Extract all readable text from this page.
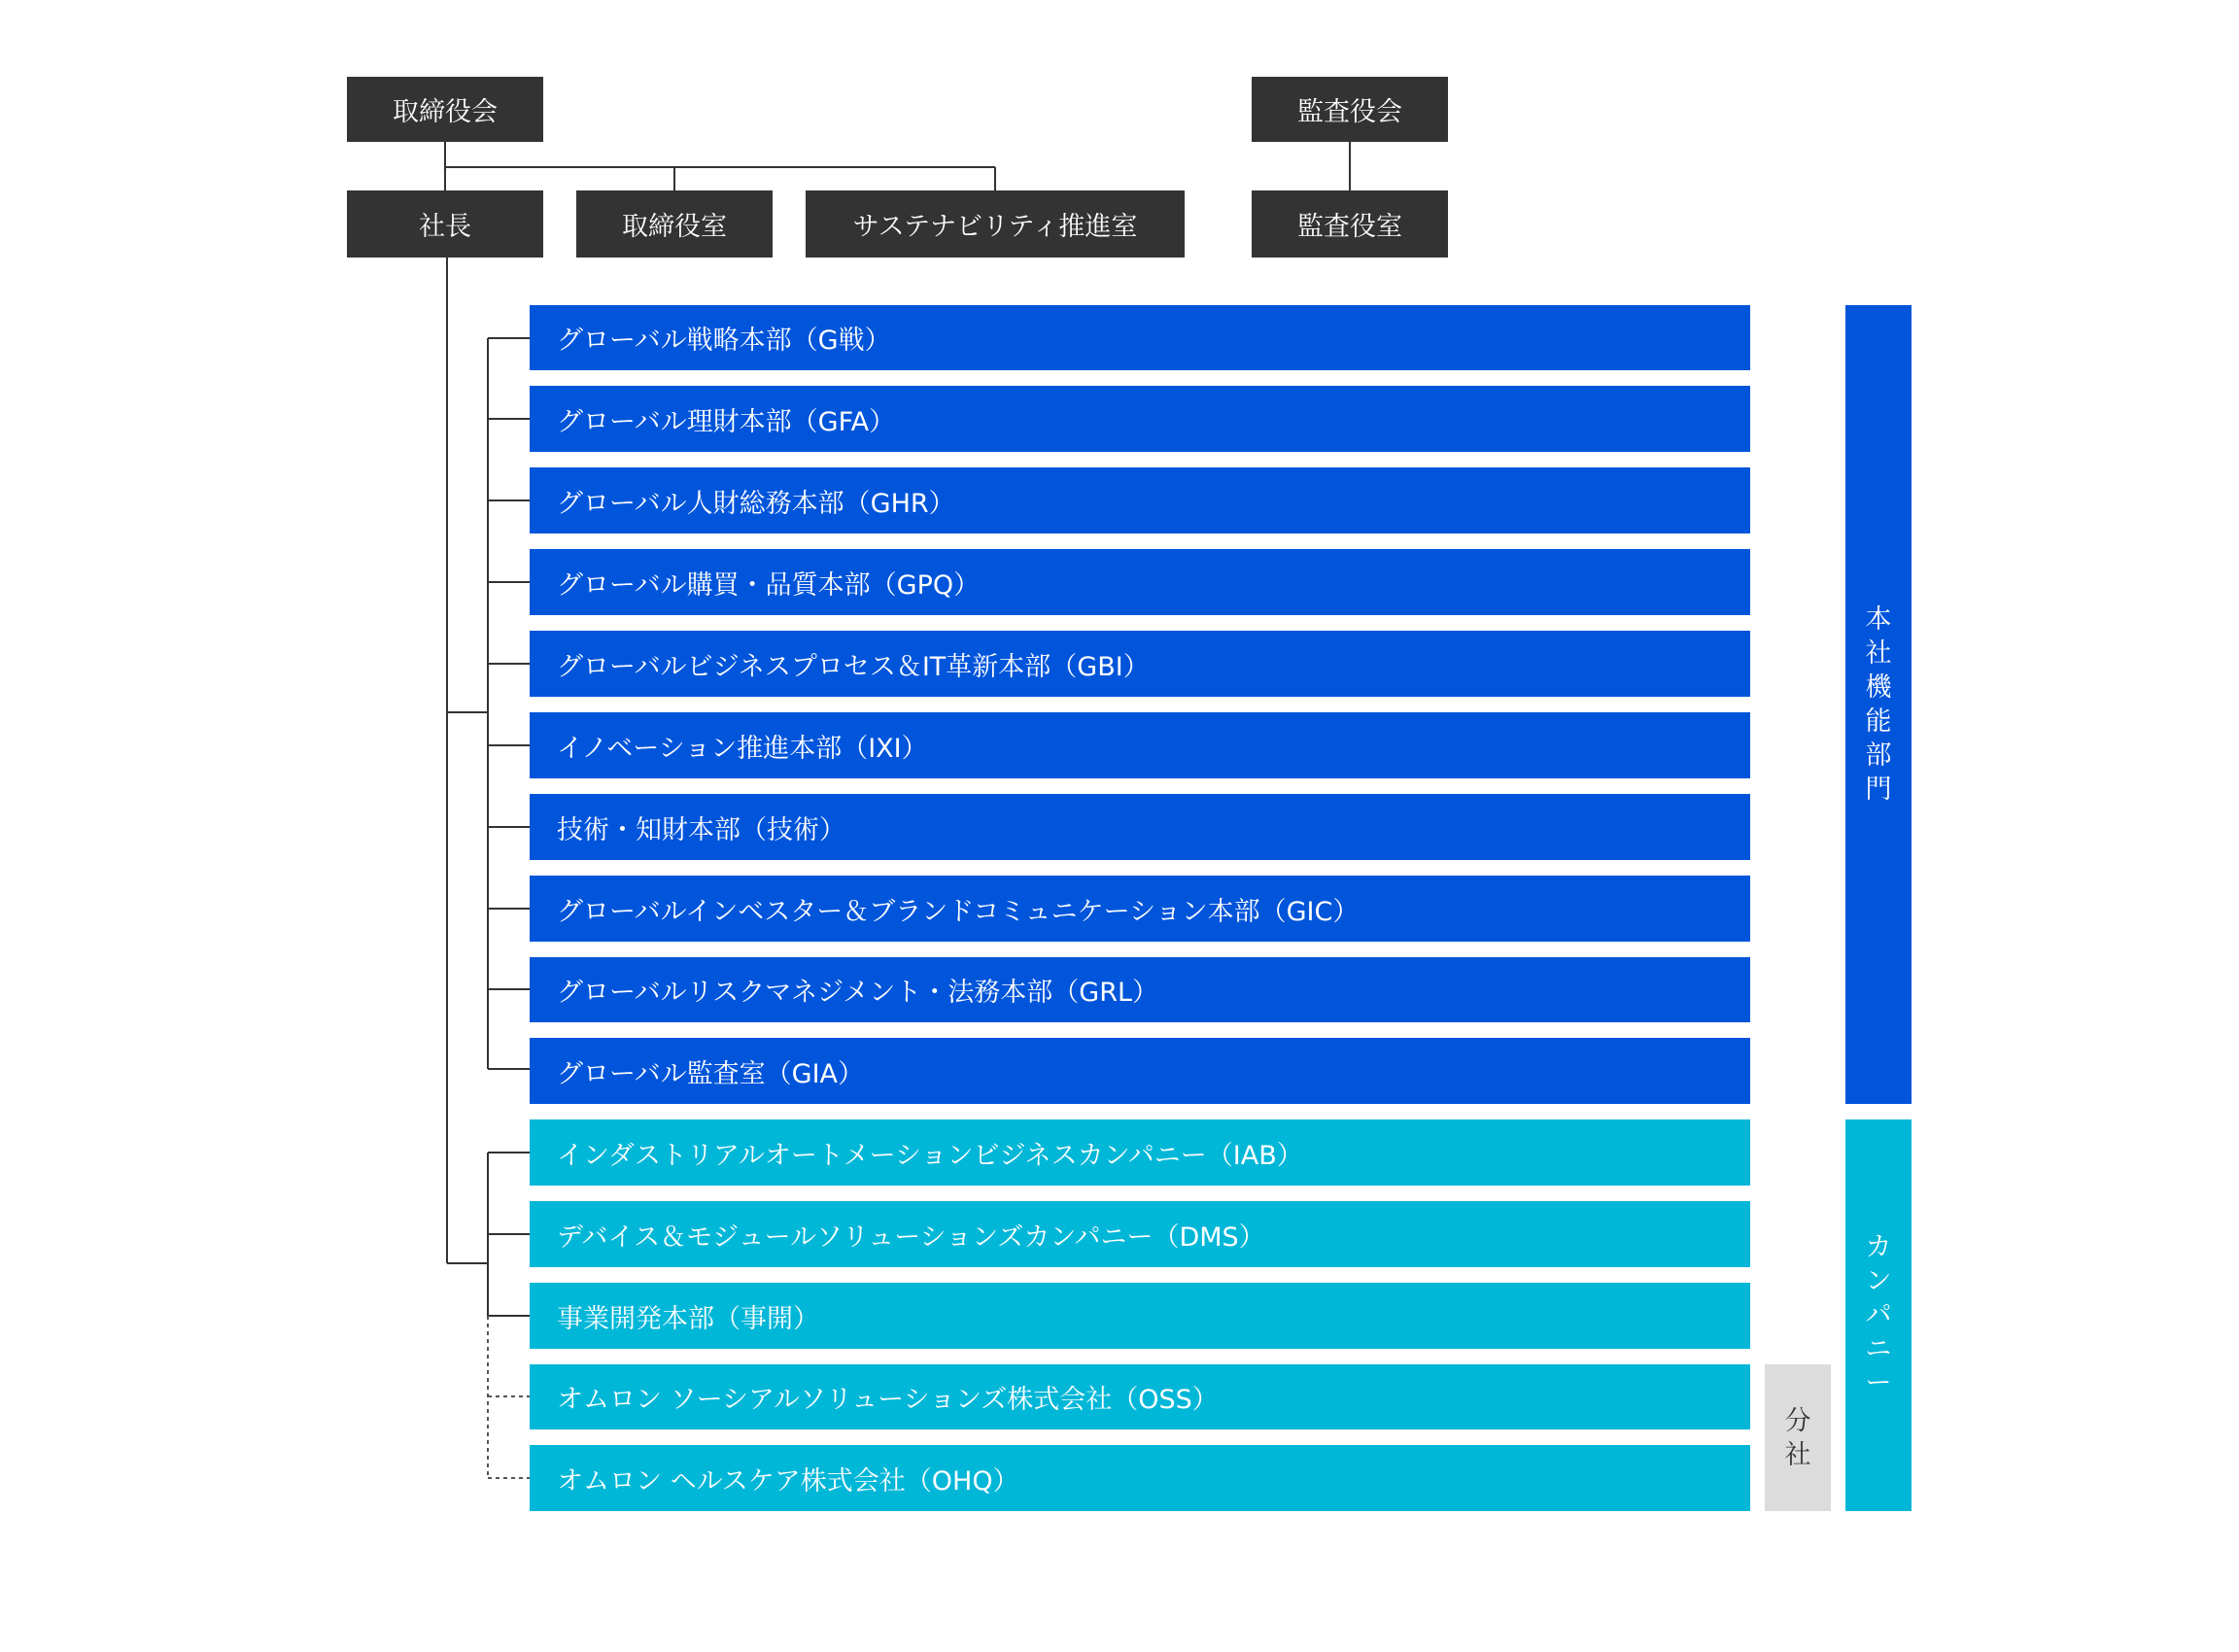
取締役会	監査役会
社長	取締役室	サステナビリティ推進室	監査役室
グローバル戦略本部（G戦）
グローバル理財本部（GFA）
グローバル人財総務本部（GHR）
グローバル購買・品質本部（GPQ）
グローバルビジネスプロセス＆IT革新本部（GBI）
イノベーション推進本部（IXI）
技術・知財本部（技術）
グローバルインベスター＆ブランドコミュニケーション本部（GIC）
グローバルリスクマネジメント・法務本部（GRL）
グローバル監査室（GIA）
インダストリアルオートメーションビジネスカンパニー（IAB）
デバイス＆モジュールソリューションズカンパニー（DMS）
事業開発本部（事開）
オムロン ソーシアルソリューションズ株式会社（OSS）
オムロン ヘルスケア株式会社（OHQ）
本社機能部門
カンパニー
分社
